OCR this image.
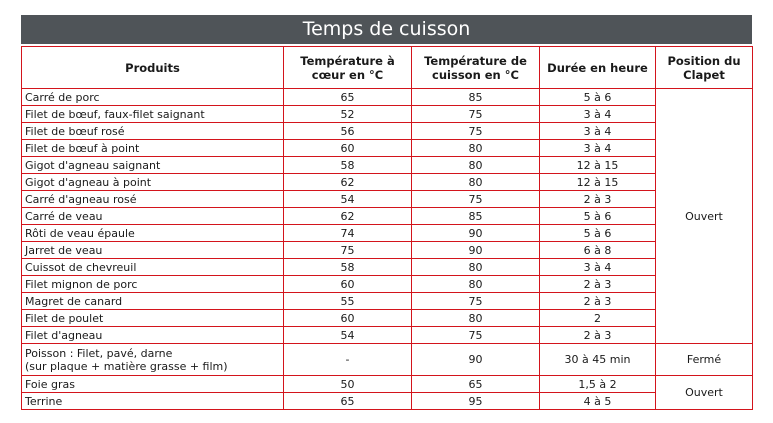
Temps de cuisson
Produits	Température à cœur en °C	Température de cuisson en °C	Durée en heure	Position du Clapet
Carré de porc	65	85	5 à 6	Ouvert
Filet de bœuf, faux-filet saignant	52	75	3 à 4	
Filet de bœuf rosé	56	75	3 à 4	
Filet de bœuf à point	60	80	3 à 4	
Gigot d'agneau saignant	58	80	12 à 15	
Gigot d'agneau à point	62	80	12 à 15	
Carré d'agneau rosé	54	75	2 à 3	
Carré de veau	62	85	5 à 6	
Rôti de veau épaule	74	90	5 à 6	
Jarret de veau	75	90	6 à 8	
Cuissot de chevreuil	58	80	3 à 4	
Filet mignon de porc	60	80	2 à 3	
Magret de canard	55	75	2 à 3	
Filet de poulet	60	80	2	
Filet d'agneau	54	75	2 à 3	
Poisson : Filet, pavé, darne
(sur plaque + matière grasse + film)	-	90	30 à 45 min	Fermé
Foie gras	50	65	1,5 à 2	Ouvert
Terrine	65	95	4 à 5	
